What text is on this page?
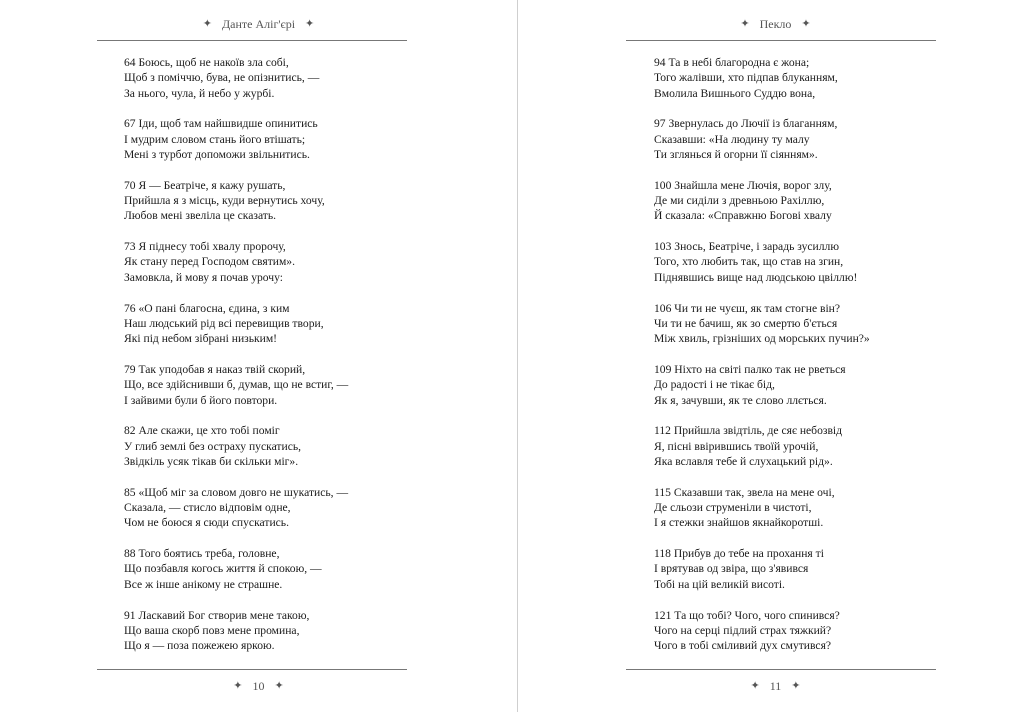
✦ Данте Аліг'єрі ✦
64 Боюсь, щоб не накоїв зла собі,
Щоб з поміччю, бува, не опізнитись, —
За нього, чула, й небо у журбі.
67 Іди, щоб там найшвидше опинитись
І мудрим словом стань його втішать;
Мені з турбот допоможи звільнитись.
70 Я — Беатріче, я кажу рушать,
Прийшла я з місць, куди вернутись хочу,
Любов мені звеліла це сказать.
73 Я піднесу тобі хвалу пророчу,
Як стану перед Господом святим».
Замовкла, й мову я почав урочу:
76 «О пані благосна, єдина, з ким
Наш людський рід всі перевищив твори,
Які під небом зібрані низьким!
79 Так уподобав я наказ твій скорий,
Що, все здійснивши б, думав, що не встиг, —
І зайвими були б його повтори.
82 Але скажи, це хто тобі поміг
У глиб землі без остраху пускатись,
Звідкіль усяк тікав би скільки міг».
85 «Щоб міг за словом довго не шукатись, —
Сказала, — стисло відповім одне,
Чом не боюся я сюди спускатись.
88 Того боятись треба, головне,
Що позбавля когось життя й спокою, —
Все ж інше анікому не страшне.
91 Ласкавий Бог створив мене такою,
Що ваша скорб повз мене промина,
Що я — поза пожежею яркою.
✦ 10 ✦
✦ Пекло ✦
94 Та в небі благородна є жона;
Того жалівши, хто підпав блуканням,
Вмолила Вишнього Суддю вона,
97 Звернулась до Лючії із благанням,
Сказавши: «На людину ту малу
Ти зглянься й огорни її сіянням».
100 Знайшла мене Лючія, ворог злу,
Де ми сиділи з древньою Рахіллю,
Й сказала: «Справжню Богові хвалу
103 Знось, Беатріче, і зарадь зусиллю
Того, хто любить так, що став на згин,
Піднявшись вище над людською цвіллю!
106 Чи ти не чуєш, як там стогне він?
Чи ти не бачиш, як зо смертю б'ється
Між хвиль, грізніших од морських пучин?»
109 Ніхто на світі палко так не рветься
До радості і не тікає бід,
Як я, зачувши, як те слово ллється.
112 Прийшла звідтіль, де сяє небозвід
Я, пісні ввірившись твоїй урочій,
Яка вславля тебе й слухацький рід».
115 Сказавши так, звела на мене очі,
Де сльози струменіли в чистоті,
І я стежки знайшов якнайкоротші.
118 Прибув до тебе на прохання ті
І врятував од звіра, що з'явився
Тобі на цій великій висоті.
121 Та що тобі? Чого, чого спинився?
Чого на серці підлий страх тяжкий?
Чого в тобі сміливий дух смутився?
✦ 11 ✦
